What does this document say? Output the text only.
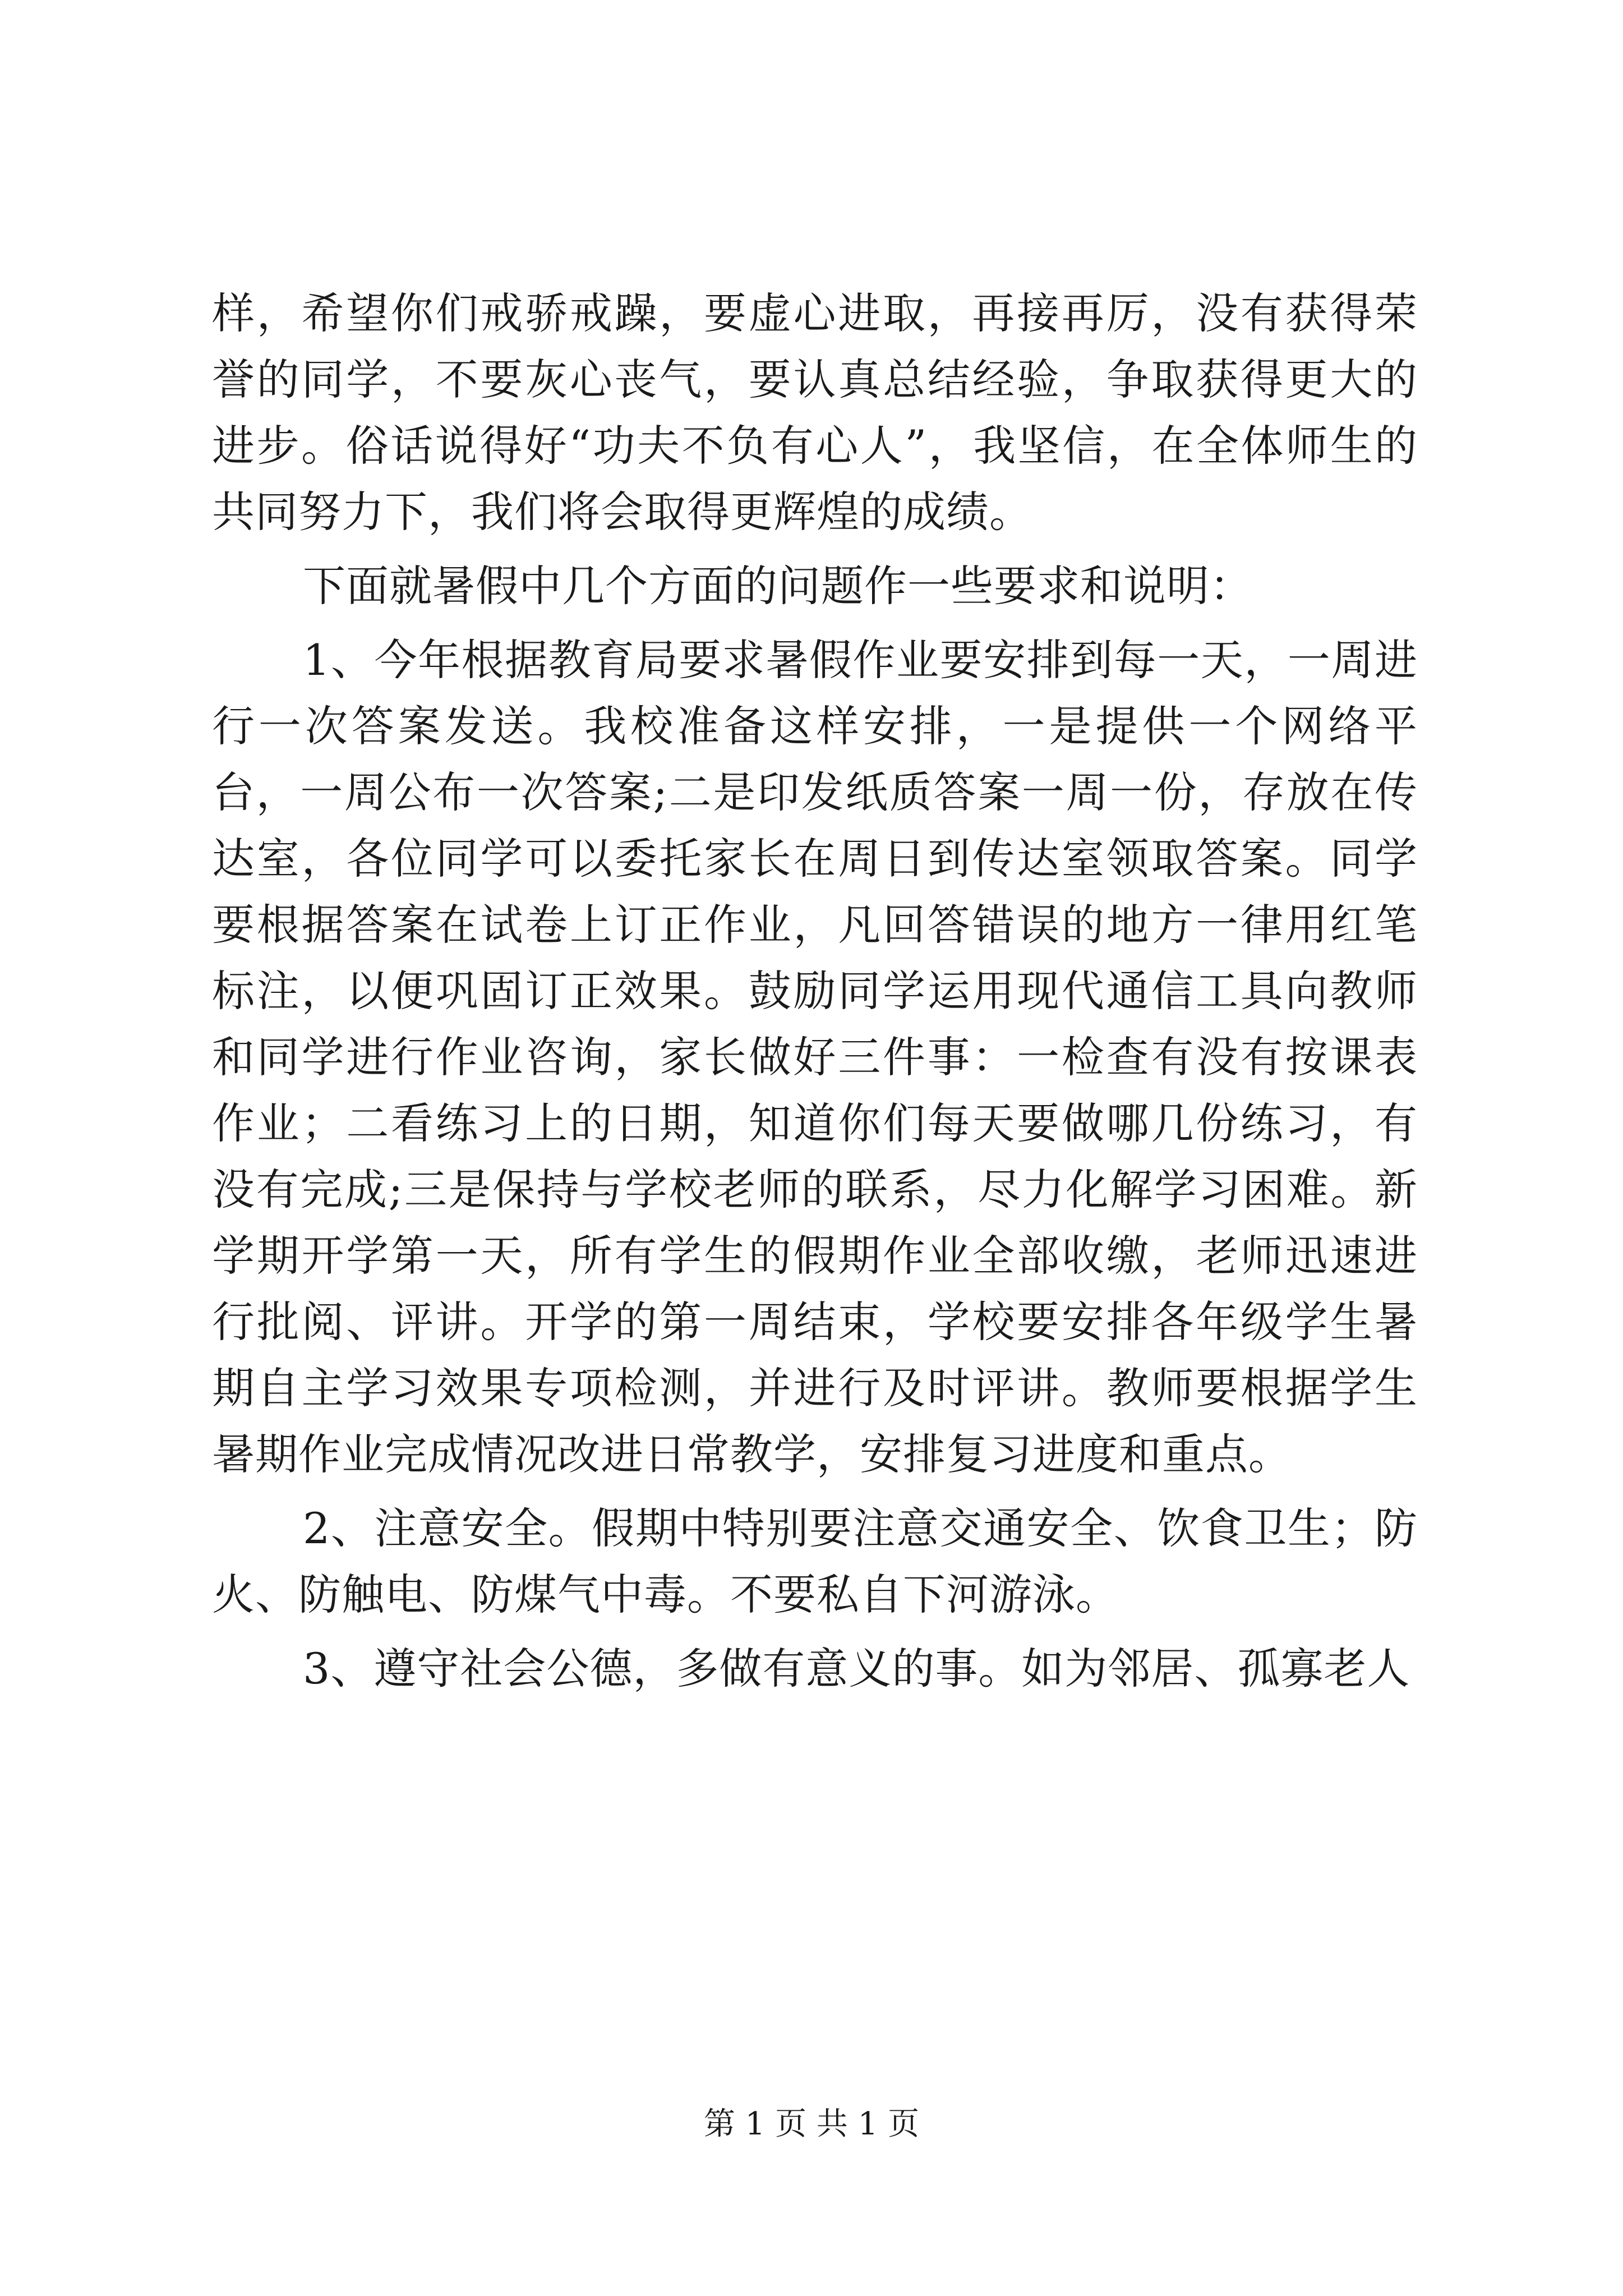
样，希望你们戒骄戒躁，要虚心进取，再接再厉，没有获得荣誉的同学，不要灰心丧气，要认真总结经验，争取获得更大的进步。俗话说得好“功夫不负有心人”，我坚信，在全体师生的共同努力下，我们将会取得更辉煌的成绩。

下面就暑假中几个方面的问题作一些要求和说明：

1、今年根据教育局要求暑假作业要安排到每一天，一周进行一次答案发送。我校准备这样安排，一是提供一个网络平台，一周公布一次答案;二是印发纸质答案一周一份，存放在传达室，各位同学可以委托家长在周日到传达室领取答案。同学要根据答案在试卷上订正作业，凡回答错误的地方一律用红笔标注，以便巩固订正效果。鼓励同学运用现代通信工具向教师和同学进行作业咨询，家长做好三件事：一检查有没有按课表作业；二看练习上的日期，知道你们每天要做哪几份练习，有没有完成;三是保持与学校老师的联系，尽力化解学习困难。新学期开学第一天，所有学生的假期作业全部收缴，老师迅速进行批阅、评讲。开学的第一周结束，学校要安排各年级学生暑期自主学习效果专项检测，并进行及时评讲。教师要根据学生暑期作业完成情况改进日常教学，安排复习进度和重点。

2、注意安全。假期中特别要注意交通安全、饮食卫生；防火、防触电、防煤气中毒。不要私自下河游泳。

3、遵守社会公德，多做有意义的事。如为邻居、孤寡老人

第 1 页 共 1 页
